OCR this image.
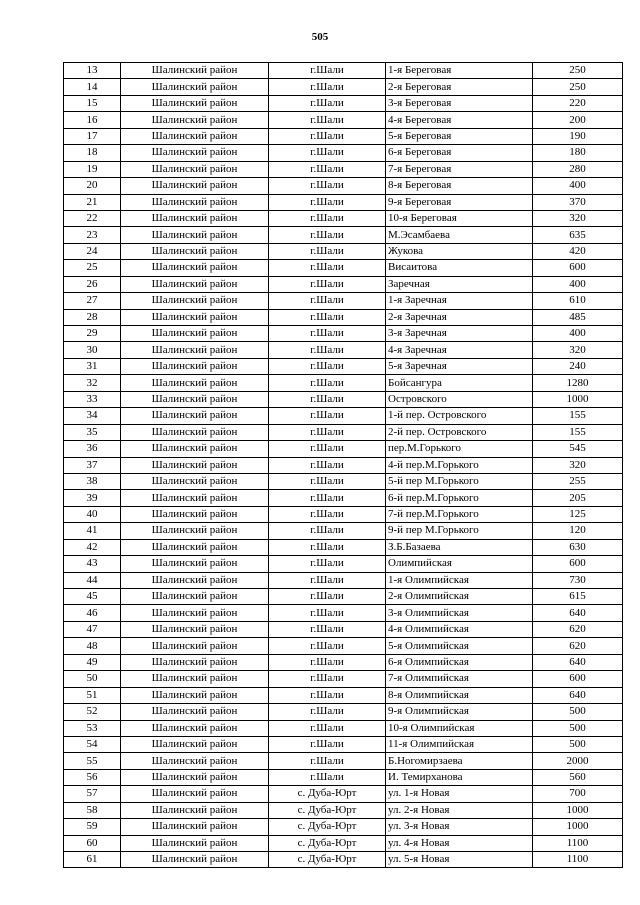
505
13	Шалинский район	г.Шали	1-я Береговая	250
14	Шалинский район	г.Шали	2-я Береговая	250
15	Шалинский район	г.Шали	3-я Береговая	220
16	Шалинский район	г.Шали	4-я Береговая	200
17	Шалинский район	г.Шали	5-я Береговая	190
18	Шалинский район	г.Шали	6-я Береговая	180
19	Шалинский район	г.Шали	7-я Береговая	280
20	Шалинский район	г.Шали	8-я Береговая	400
21	Шалинский район	г.Шали	9-я Береговая	370
22	Шалинский район	г.Шали	10-я Береговая	320
23	Шалинский район	г.Шали	М.Эсамбаева	635
24	Шалинский район	г.Шали	Жукова	420
25	Шалинский район	г.Шали	Висаитова	600
26	Шалинский район	г.Шали	Заречная	400
27	Шалинский район	г.Шали	1-я Заречная	610
28	Шалинский район	г.Шали	2-я Заречная	485
29	Шалинский район	г.Шали	3-я Заречная	400
30	Шалинский район	г.Шали	4-я Заречная	320
31	Шалинский район	г.Шали	5-я Заречная	240
32	Шалинский район	г.Шали	Бойсангура	1280
33	Шалинский район	г.Шали	Островского	1000
34	Шалинский район	г.Шали	1-й пер. Островского	155
35	Шалинский район	г.Шали	2-й пер. Островского	155
36	Шалинский район	г.Шали	пер.М.Горького	545
37	Шалинский район	г.Шали	4-й пер.М.Горького	320
38	Шалинский район	г.Шали	5-й пер М.Горького	255
39	Шалинский район	г.Шали	6-й пер.М.Горького	205
40	Шалинский район	г.Шали	7-й пер.М.Горького	125
41	Шалинский район	г.Шали	9-й пер М.Горького	120
42	Шалинский район	г.Шали	З.Б.Базаева	630
43	Шалинский район	г.Шали	Олимпийская	600
44	Шалинский район	г.Шали	1-я Олимпийская	730
45	Шалинский район	г.Шали	2-я Олимпийская	615
46	Шалинский район	г.Шали	3-я Олимпийская	640
47	Шалинский район	г.Шали	4-я Олимпийская	620
48	Шалинский район	г.Шали	5-я Олимпийская	620
49	Шалинский район	г.Шали	6-я Олимпийская	640
50	Шалинский район	г.Шали	7-я Олимпийская	600
51	Шалинский район	г.Шали	8-я Олимпийская	640
52	Шалинский район	г.Шали	9-я Олимпийская	500
53	Шалинский район	г.Шали	10-я Олимпийская	500
54	Шалинский район	г.Шали	11-я Олимпийская	500
55	Шалинский район	г.Шали	Б.Ногомирзаева	2000
56	Шалинский район	г.Шали	И. Темирханова	560
57	Шалинский район	с. Дуба-Юрт	ул. 1-я Новая	700
58	Шалинский район	с. Дуба-Юрт	ул. 2-я Новая	1000
59	Шалинский район	с. Дуба-Юрт	ул. 3-я Новая	1000
60	Шалинский район	с. Дуба-Юрт	ул. 4-я Новая	1100
61	Шалинский район	с. Дуба-Юрт	ул. 5-я Новая	1100
